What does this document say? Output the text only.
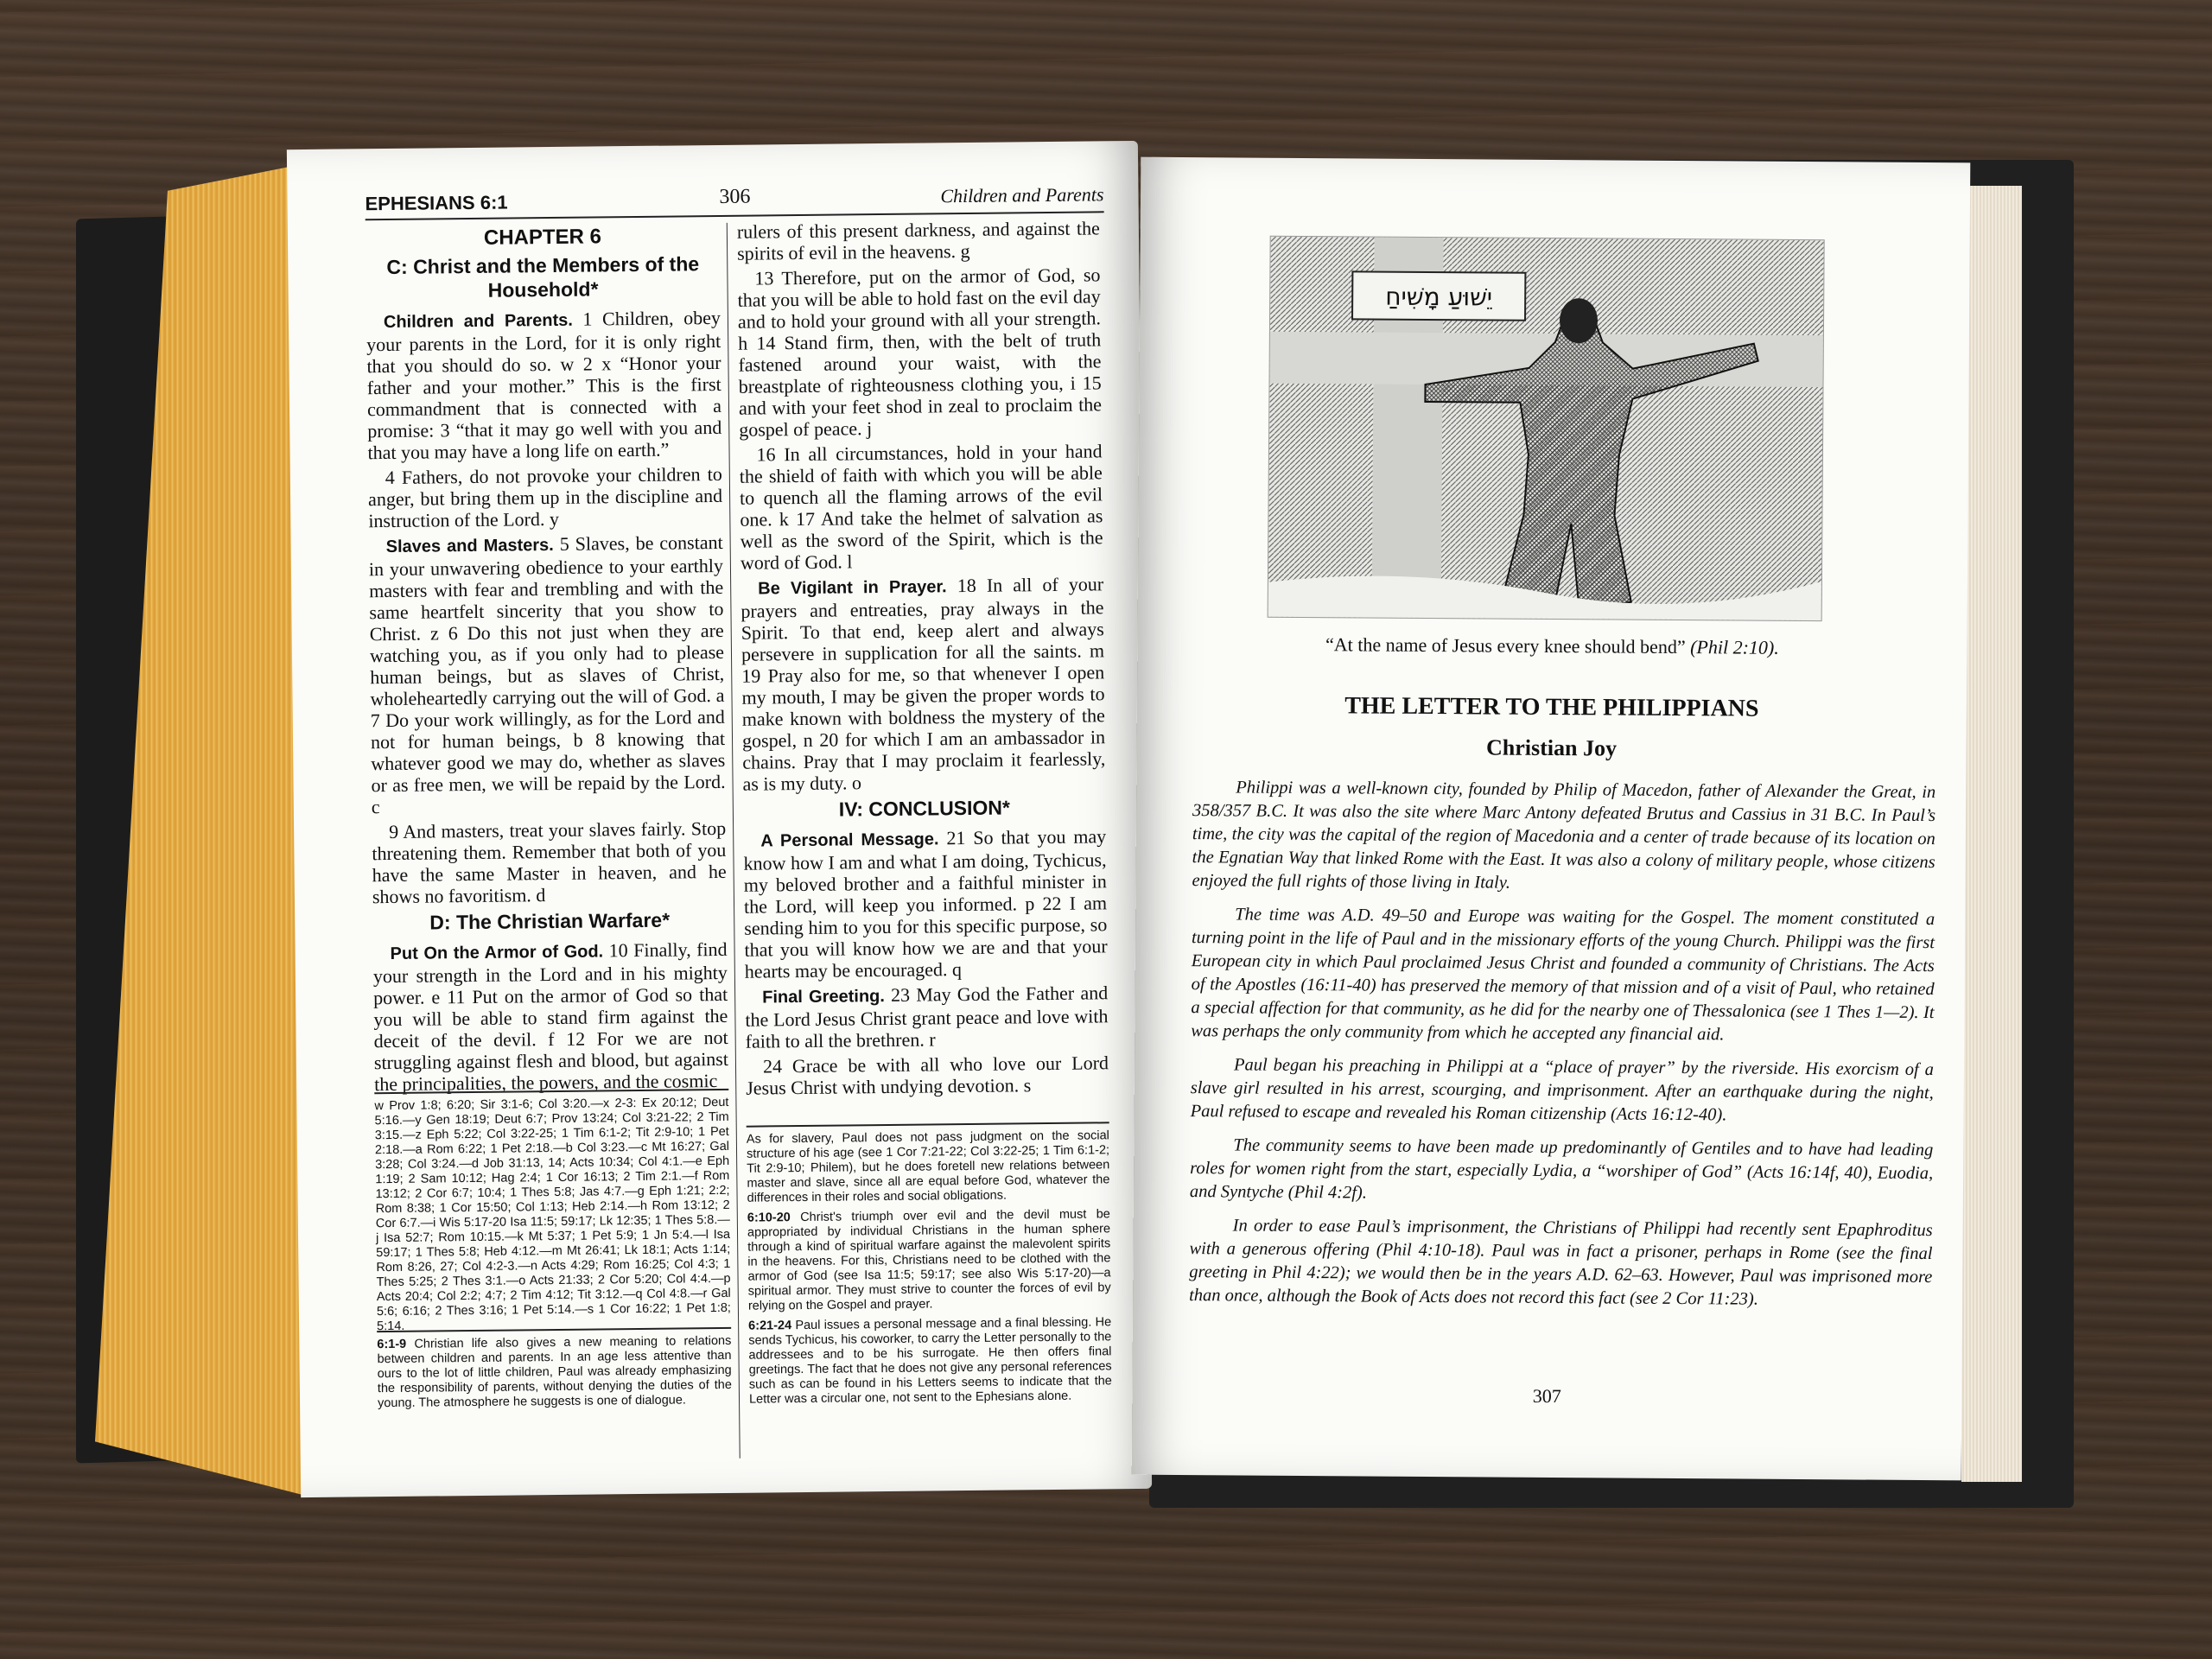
EPHESIANS 6:1	306	Children and Parents
CHAPTER 6
C: Christ and the Members of the Household*

Children and Parents. 1 Children, obey your parents in the Lord, for it is only right that you should do so. w 2 x “Honor your father and your mother.” This is the first commandment that is connected with a promise: 3 “that it may go well with you and that you may have a long life on earth.”

4 Fathers, do not provoke your children to anger, but bring them up in the discipline and instruction of the Lord. y

Slaves and Masters. 5 Slaves, be constant in your unwavering obedience to your earthly masters with fear and trembling and with the same heartfelt sincerity that you show to Christ. z 6 Do this not just when they are watching you, as if you only had to please human beings, but as slaves of Christ, wholeheartedly carrying out the will of God. a 7 Do your work willingly, as for the Lord and not for human beings, b 8 knowing that whatever good we may do, whether as slaves or as free men, we will be repaid by the Lord. c

9 And masters, treat your slaves fairly. Stop threatening them. Remember that both of you have the same Master in heaven, and he shows no favoritism. d

D: The Christian Warfare*

Put On the Armor of God. 10 Finally, find your strength in the Lord and in his mighty power. e 11 Put on the armor of God so that you will be able to stand firm against the deceit of the devil. f 12 For we are not struggling against flesh and blood, but against the principalities, the powers, and the cosmic

rulers of this present darkness, and against the spirits of evil in the heavens. g

13 Therefore, put on the armor of God, so that you will be able to hold fast on the evil day and to hold your ground with all your strength. h 14 Stand firm, then, with the belt of truth fastened around your waist, with the breastplate of righteousness clothing you, i 15 and with your feet shod in zeal to proclaim the gospel of peace. j

16 In all circumstances, hold in your hand the shield of faith with which you will be able to quench all the flaming arrows of the evil one. k 17 And take the helmet of salvation as well as the sword of the Spirit, which is the word of God. l

Be Vigilant in Prayer. 18 In all of your prayers and entreaties, pray always in the Spirit. To that end, keep alert and always persevere in supplication for all the saints. m 19 Pray also for me, so that whenever I open my mouth, I may be given the proper words to make known with boldness the mystery of the gospel, n 20 for which I am an ambassador in chains. Pray that I may proclaim it fearlessly, as is my duty. o

IV: CONCLUSION*

A Personal Message. 21 So that you may know how I am and what I am doing, Tychicus, my beloved brother and a faithful minister in the Lord, will keep you informed. p 22 I am sending him to you for this specific purpose, so that you will know how we are and that your hearts may be encouraged. q

Final Greeting. 23 May God the Father and the Lord Jesus Christ grant peace and love with faith to all the brethren. r

24 Grace be with all who love our Lord Jesus Christ with undying devotion. s

w Prov 1:8; 6:20; Sir 3:1-6; Col 3:20.—x 2-3: Ex 20:12; Deut 5:16.—y Gen 18:19; Deut 6:7; Prov 13:24; Col 3:21-22; 2 Tim 3:15.—z Eph 5:22; Col 3:22-25; 1 Tim 6:1-2; Tit 2:9-10; 1 Pet 2:18.—a Rom 6:22; 1 Pet 2:18.—b Col 3:23.—c Mt 16:27; Gal 3:28; Col 3:24.—d Job 31:13, 14; Acts 10:34; Col 4:1.—e Eph 1:19; 2 Sam 10:12; Hag 2:4; 1 Cor 16:13; 2 Tim 2:1.—f Rom 13:12; 2 Cor 6:7; 10:4; 1 Thes 5:8; Jas 4:7.—g Eph 1:21; 2:2; Rom 8:38; 1 Cor 15:50; Col 1:13; Heb 2:14.—h Rom 13:12; 2 Cor 6:7.—i Wis 5:17-20 Isa 11:5; 59:17; Lk 12:35; 1 Thes 5:8.—j Isa 52:7; Rom 10:15.—k Mt 5:37; 1 Pet 5:9; 1 Jn 5:4.—l Isa 59:17; 1 Thes 5:8; Heb 4:12.—m Mt 26:41; Lk 18:1; Acts 1:14; Rom 8:26, 27; Col 4:2-3.—n Acts 4:29; Rom 16:25; Col 4:3; 1 Thes 5:25; 2 Thes 3:1.—o Acts 21:33; 2 Cor 5:20; Col 4:4.—p Acts 20:4; Col 2:2; 4:7; 2 Tim 4:12; Tit 3:12.—q Col 4:8.—r Gal 5:6; 6:16; 2 Thes 3:16; 1 Pet 5:14.—s 1 Cor 16:22; 1 Pet 1:8; 5:14.

6:1-9 Christian life also gives a new meaning to relations between children and parents. In an age less attentive than ours to the lot of little children, Paul was already emphasizing the responsibility of parents, without denying the duties of the young. The atmosphere he suggests is one of dialogue.

As for slavery, Paul does not pass judgment on the social structure of his age (see 1 Cor 7:21-22; Col 3:22-25; 1 Tim 6:1-2; Tit 2:9-10; Philem), but he does foretell new relations between master and slave, since all are equal before God, whatever the differences in their roles and social obligations.

6:10-20 Christ's triumph over evil and the devil must be appropriated by individual Christians in the human sphere through a kind of spiritual warfare against the malevolent spirits in the heavens. For this, Christians need to be clothed with the armor of God (see Isa 11:5; 59:17; see also Wis 5:17-20)—a spiritual armor. They must strive to counter the forces of evil by relying on the Gospel and prayer.

6:21-24 Paul issues a personal message and a final blessing. He sends Tychicus, his coworker, to carry the Letter personally to the addressees and to be his surrogate. He then offers final greetings. The fact that he does not give any personal references such as can be found in his Letters seems to indicate that the Letter was a circular one, not sent to the Ephesians alone.

יֵשׁוּעַ מָשִׁיחַ
“At the name of Jesus every knee should bend” (Phil 2:10).
THE LETTER TO THE PHILIPPIANS
Christian Joy

Philippi was a well-known city, founded by Philip of Macedon, father of Alexander the Great, in 358/357 B.C. It was also the site where Marc Antony defeated Brutus and Cassius in 31 B.C. In Paul’s time, the city was the capital of the region of Macedonia and a center of trade because of its location on the Egnatian Way that linked Rome with the East. It was also a colony of military people, whose citizens enjoyed the full rights of those living in Italy.

The time was A.D. 49–50 and Europe was waiting for the Gospel. The moment constituted a turning point in the life of Paul and in the missionary efforts of the young Church. Philippi was the first European city in which Paul proclaimed Jesus Christ and founded a community of Christians. The Acts of the Apostles (16:11-40) has preserved the memory of that mission and of a visit of Paul, who retained a special affection for that community, as he did for the nearby one of Thessalonica (see 1 Thes 1—2). It was perhaps the only community from which he accepted any financial aid.

Paul began his preaching in Philippi at a “place of prayer” by the riverside. His exorcism of a slave girl resulted in his arrest, scourging, and imprisonment. After an earthquake during the night, Paul refused to escape and revealed his Roman citizenship (Acts 16:12-40).

The community seems to have been made up predominantly of Gentiles and to have had leading roles for women right from the start, especially Lydia, a “worshiper of God” (Acts 16:14f, 40), Euodia, and Syntyche (Phil 4:2f).

In order to ease Paul’s imprisonment, the Christians of Philippi had recently sent Epaphroditus with a generous offering (Phil 4:10-18). Paul was in fact a prisoner, perhaps in Rome (see the final greeting in Phil 4:22); we would then be in the years A.D. 62–63. However, Paul was imprisoned more than once, although the Book of Acts does not record this fact (see 2 Cor 11:23).

307
